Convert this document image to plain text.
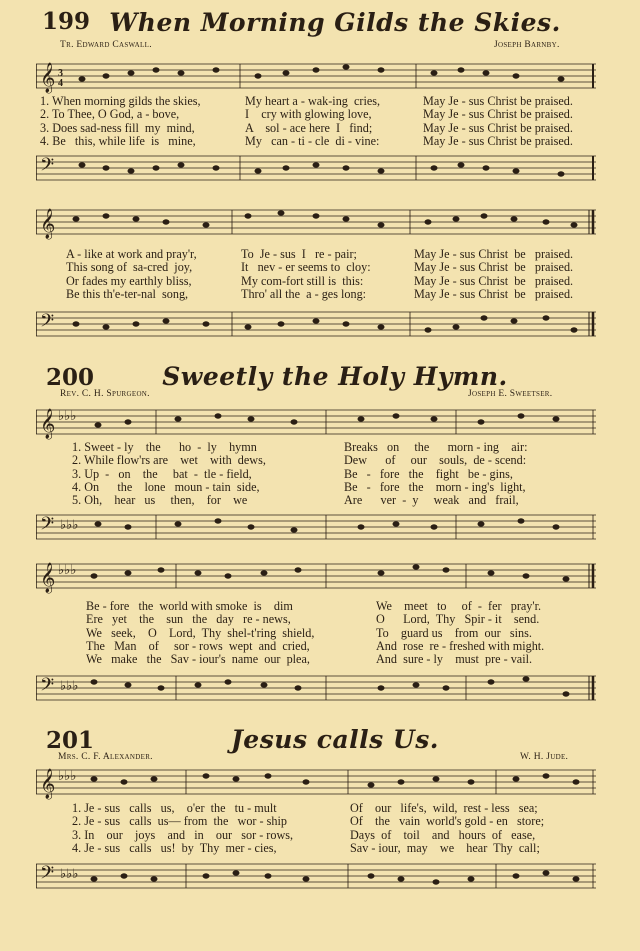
199 When Morning Gilds the Skies.
Tr. Edward Caswall.	Joseph Barnby.
𝄞 3
4
1. When morning gilds the skies,	My heart a - wak-ing  cries,	May Je - sus Christ be praised.
2. To Thee, O God, a - bove,	I    cry with glowing love,	May Je - sus Christ be praised.
3. Does sad-ness fill  my  mind,	A    sol - ace here  I   find;	May Je - sus Christ be praised.
4. Be   this, while life  is   mine,	My   can - ti - cle  di - vine:	May Je - sus Christ be praised.
𝄢
𝄞
A - like at work and pray'r,	To  Je - sus  I   re - pair;	May Je - sus Christ  be   praised.
This song of  sa-cred  joy,	It   nev - er seems to  cloy:	May Je - sus Christ  be   praised.
Or fades my earthly bliss,	My com-fort still is  this:	May Je - sus Christ  be   praised.
Be this th'e-ter-nal  song,	Thro' all the  a - ges long:	May Je - sus Christ  be   praised.
𝄢
200	Sweetly the Holy Hymn.
Rev. C. H. Spurgeon.	Joseph E. Sweetser.
𝄞 ♭♭♭
1. Sweet - ly    the      ho  -  ly    hymn	Breaks   on     the      morn - ing    air:
2. While flow'rs are    wet    with  dews,	Dew      of     our    souls,  de - scend:
3. Up  -   on    the     bat  -  tle - field,	Be   -   fore   the    fight   be - gins,
4. On      the    lone   moun - tain  side,	Be   -   fore   the    morn - ing's  light,
5. Oh,    hear   us     then,    for    we	Are      ver  -  y     weak   and   frail,
𝄢 ♭♭♭
𝄞 ♭♭♭
Be - fore   the  world with smoke  is    dim	We    meet   to     of  -  fer   pray'r.
Ere   yet    the    sun   the   day   re - news,	O      Lord,  Thy   Spir - it    send.
We   seek,    O    Lord,  Thy  shel-t'ring  shield,	To    guard us    from  our   sins.
The   Man    of     sor - rows  wept  and  cried,	And  rose  re - freshed with might.
We   make   the   Sav - iour's  name  our  plea,	And  sure - ly    must  pre - vail.
𝄢 ♭♭♭
201	Jesus calls Us.
Mrs. C. F. Alexander.	W. H. Jude.
𝄞 ♭♭♭
1. Je - sus   calls   us,    o'er  the   tu - mult	Of    our   life's,  wild,  rest - less   sea;
2. Je - sus   calls  us— from  the   wor - ship	Of    the   vain  world's gold - en   store;
3. In    our    joys    and   in    our   sor - rows,	Days  of    toil    and   hours  of   ease,
4. Je - sus   calls   us!  by  Thy  mer - cies,	Sav - iour,  may    we    hear  Thy  call;
𝄢 ♭♭♭
